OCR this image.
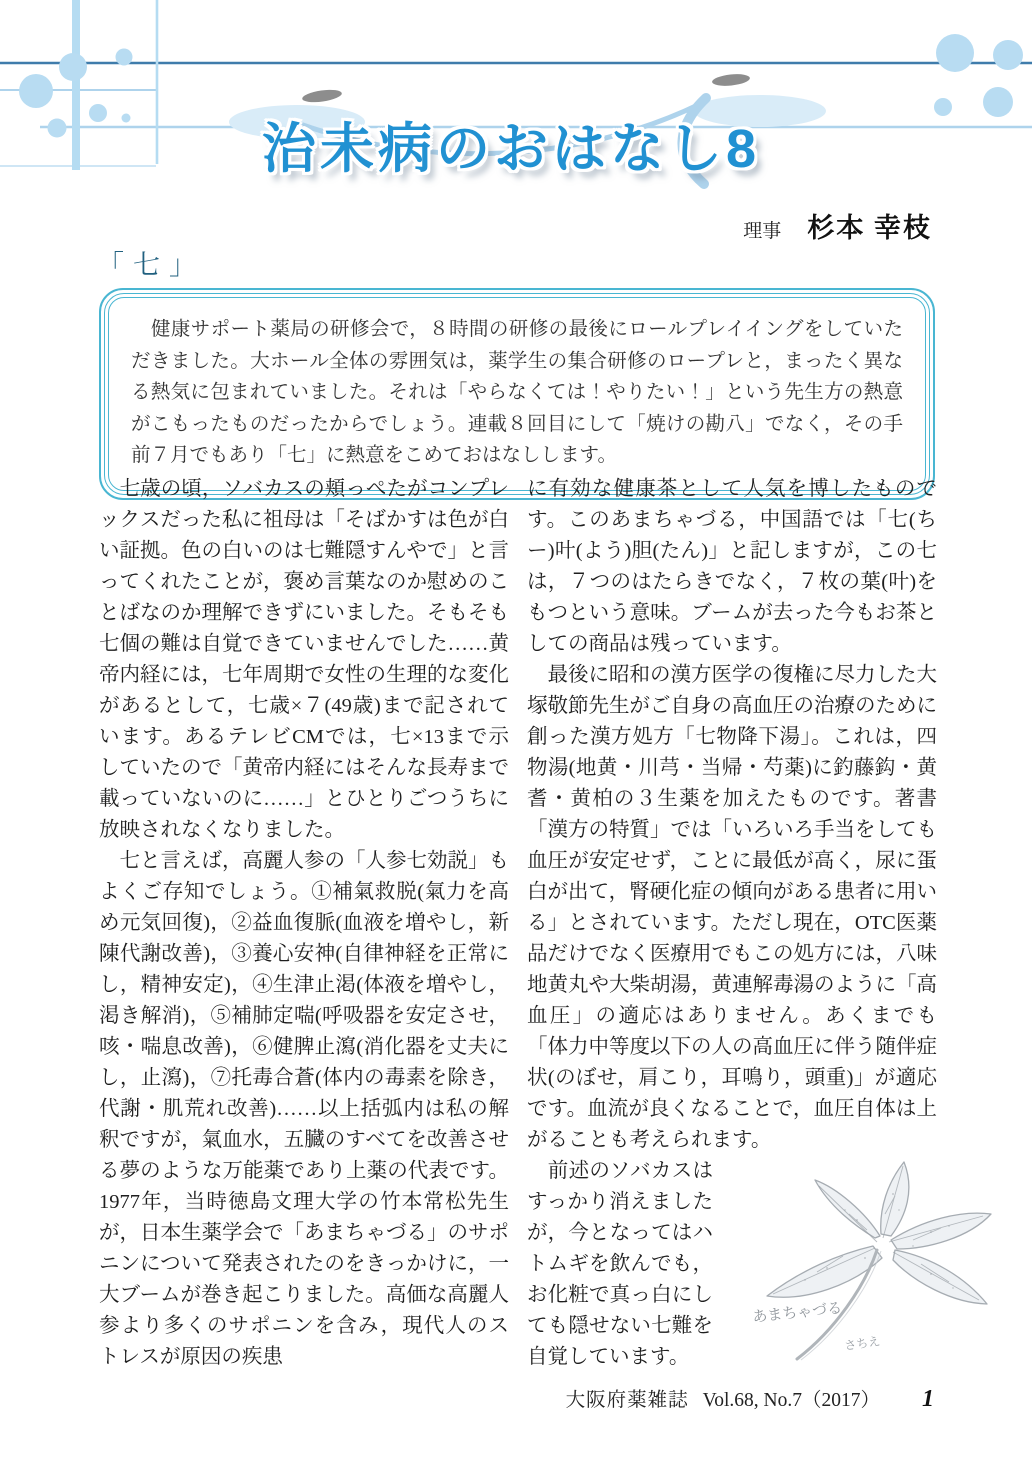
治未病のおはなし8
理事 杉本 幸枝
「七」

　健康サポート薬局の研修会で，８時間の研修の最後にロールプレイイングをしていただきました。大ホール全体の雰囲気は，薬学生の集合研修のロープレと，まったく異なる熱気に包まれていました。それは「やらなくては！やりたい！」という先生方の熱意がこもったものだったからでしょう。連載８回目にして「焼けの勘八」でなく，その手前７月でもあり「七」に熱意をこめておはなしします。

　七歳の頃，ソバカスの頬っぺたがコンプレックスだった私に祖母は「そばかすは色が白い証拠。色の白いのは七難隠すんやで」と言ってくれたことが，褒め言葉なのか慰めのことばなのか理解できずにいました。そもそも七個の難は自覚できていませんでした……黄帝内経には，七年周期で女性の生理的な変化があるとして，七歳×７(49歳)まで記されています。あるテレビCMでは，七×13まで示していたので「黄帝内経にはそんな長寿まで載っていないのに……」とひとりごつうちに放映されなくなりました。

　七と言えば，高麗人参の「人参七効説」もよくご存知でしょう。①補氣救脱(氣力を高め元気回復)，②益血復脈(血液を増やし，新陳代謝改善)，③養心安神(自律神経を正常にし，精神安定)，④生津止渇(体液を増やし，渇き解消)，⑤補肺定喘(呼吸器を安定させ，咳・喘息改善)，⑥健脾止瀉(消化器を丈夫にし，止瀉)，⑦托毒合蒼(体内の毒素を除き，代謝・肌荒れ改善)……以上括弧内は私の解釈ですが，氣血水，五臓のすべてを改善させる夢のような万能薬であり上薬の代表です。1977年，当時徳島文理大学の竹本常松先生が，日本生薬学会で「あまちゃづる」のサポニンについて発表されたのをきっかけに，一大ブームが巻き起こりました。高価な高麗人参より多くのサポニンを含み，現代人のストレスが原因の疾患

に有効な健康茶として人気を博したものです。このあまちゃづる，中国語では「七(ちー)叶(よう)胆(たん)」と記しますが，この七は，７つのはたらきでなく，７枚の葉(叶)をもつという意味。ブームが去った今もお茶としての商品は残っています。

　最後に昭和の漢方医学の復権に尽力した大塚敬節先生がご自身の高血圧の治療のために創った漢方処方「七物降下湯」。これは，四物湯(地黄・川芎・当帰・芍薬)に釣藤鈎・黄耆・黄柏の３生薬を加えたものです。著書「漢方の特質」では「いろいろ手当をしても血圧が安定せず，ことに最低が高く，尿に蛋白が出て，腎硬化症の傾向がある患者に用いる」とされています。ただし現在，OTC医薬品だけでなく医療用でもこの処方には，八味地黄丸や大柴胡湯，黄連解毒湯のように「高血圧」の適応はありません。あくまでも「体力中等度以下の人の高血圧に伴う随伴症状(のぼせ，肩こり，耳鳴り，頭重)」が適応です。血流が良くなることで，血圧自体は上がることも考えられます。

あまちゃづる
さちえ

　前述のソバカスはすっかり消えましたが，今となってはハトムギを飲んでも，お化粧で真っ白にしても隠せない七難を自覚しています。

大阪府薬雑誌 Vol.68, No.7（2017） 1
